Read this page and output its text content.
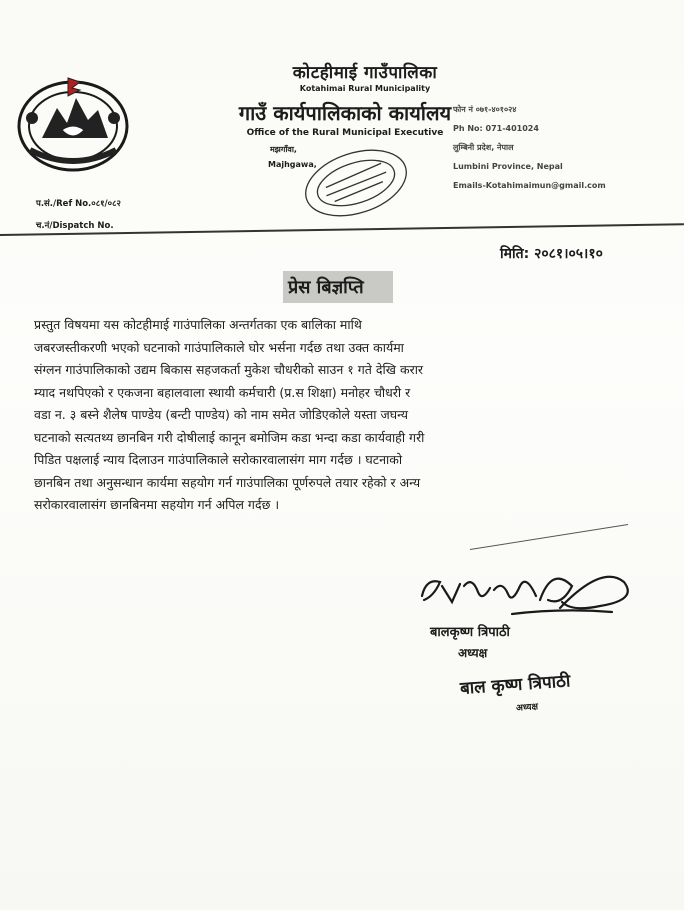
कोटहीमाई गाउँपालिका
Kotahimai Rural Municipality
गाउँ कार्यपालिकाको कार्यालय
Office of the Rural Municipal Executive
मझगाँवा,
Majhgawa,
फोन नं ०७१-४०१०२४
Ph No: 071-401024
लुम्बिनी प्रदेश, नेपाल
Lumbini Province, Nepal
Emails-Kotahimaimun@gmail.com
प.सं./Ref No.०८१/०८२
च.नं/Dispatch No.
मिति: २०८१।०५।१०
प्रेस बिज्ञप्ति
प्रस्तुत विषयमा यस कोटहीमाई गाउंपालिका अन्तर्गतका एक बालिका माथि
जबरजस्तीकरणी भएको घटनाको गाउंपालिकाले घोर भर्सना गर्दछ तथा उक्त कार्यमा
संग्लन गाउंपालिकाको उद्यम बिकास सहजकर्ता मुकेश चौधरीको साउन १ गते देखि करार
म्याद नथपिएको र एकजना बहालवाला स्थायी कर्मचारी (प्र.स शिक्षा) मनोहर चौधरी र
वडा न. ३ बस्ने शैलेष पाण्डेय (बन्टी पाण्डेय) को नाम समेत जोडिएकोले यस्ता जघन्य
घटनाको सत्यतथ्य छानबिन गरी दोषीलाई कानून बमोजिम कडा भन्दा कडा कार्यवाही गरी
पिडित पक्षलाई न्याय दिलाउन गाउंपालिकाले सरोकारवालासंग माग गर्दछ । घटनाको
छानबिन तथा अनुसन्धान कार्यमा सहयोग गर्न गाउंपालिका पूर्णरुपले तयार रहेको र अन्य
सरोकारवालासंग छानबिनमा सहयोग गर्न अपिल गर्दछ ।
बालकृष्ण त्रिपाठी
अध्यक्ष
बाल कृष्ण त्रिपाठी
अध्यक्ष
